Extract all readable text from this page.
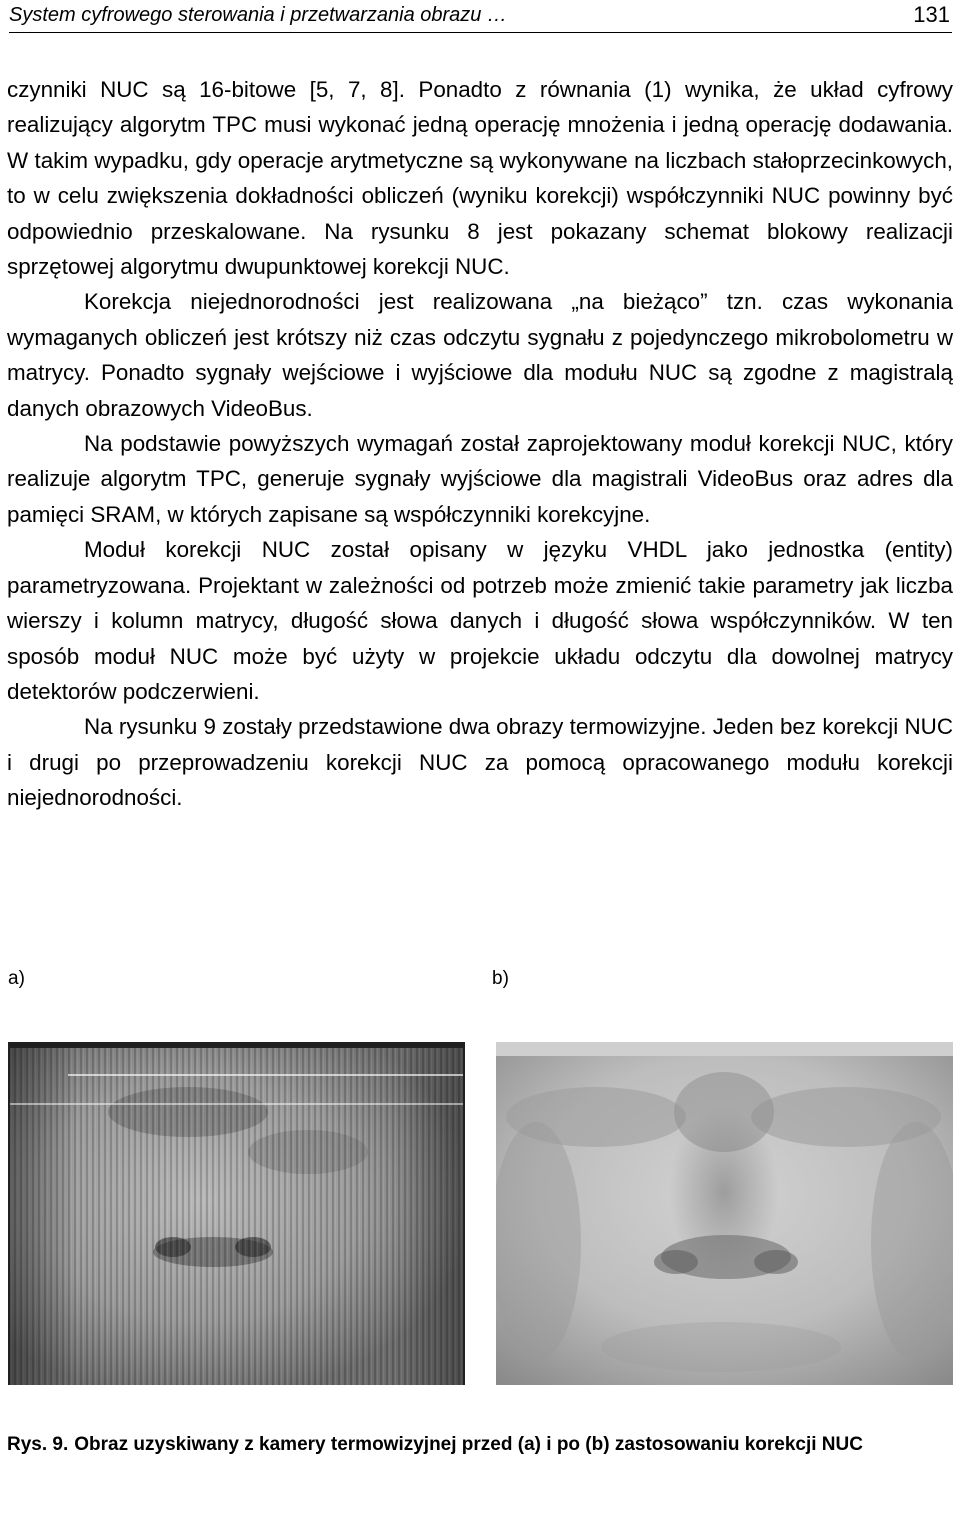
System cyfrowego sterowania i przetwarzania obrazu …	131

czynniki NUC są 16-bitowe [5, 7, 8]. Ponadto z równania (1) wynika, że układ cyfrowy realizujący algorytm TPC musi wykonać jedną operację mnożenia i jedną operację dodawania. W takim wypadku, gdy operacje arytmetyczne są wykonywane na liczbach stałoprzecinkowych, to w celu zwiększenia dokładności obliczeń (wyniku korekcji) współczynniki NUC powinny być odpowiednio przeskalowane. Na rysunku 8 jest pokazany schemat blokowy realizacji sprzętowej algorytmu dwupunktowej korekcji NUC.

Korekcja niejednorodności jest realizowana „na bieżąco” tzn. czas wykonania wymaganych obliczeń jest krótszy niż czas odczytu sygnału z pojedynczego mikrobolometru w matrycy. Ponadto sygnały wejściowe i wyjściowe dla modułu NUC są zgodne z magistralą danych obrazowych VideoBus.

Na podstawie powyższych wymagań został zaprojektowany moduł korekcji NUC, który realizuje algorytm TPC, generuje sygnały wyjściowe dla magistrali VideoBus oraz adres dla pamięci SRAM, w których zapisane są współczynniki korekcyjne.

Moduł korekcji NUC został opisany w języku VHDL jako jednostka (entity) parametryzowana. Projektant w zależności od potrzeb może zmienić takie parametry jak liczba wierszy i kolumn matrycy, długość słowa danych i długość słowa współczynników. W ten sposób moduł NUC może być użyty w projekcie układu odczytu dla dowolnej matrycy detektorów podczerwieni.

Na rysunku 9 zostały przedstawione dwa obrazy termowizyjne. Jeden bez korekcji NUC i drugi po przeprowadzeniu korekcji NUC za pomocą opracowanego modułu korekcji niejednorodności.

a)	b)
Rys. 9. Obraz uzyskiwany z kamery termowizyjnej przed (a) i po (b) zastosowaniu korekcji NUC
